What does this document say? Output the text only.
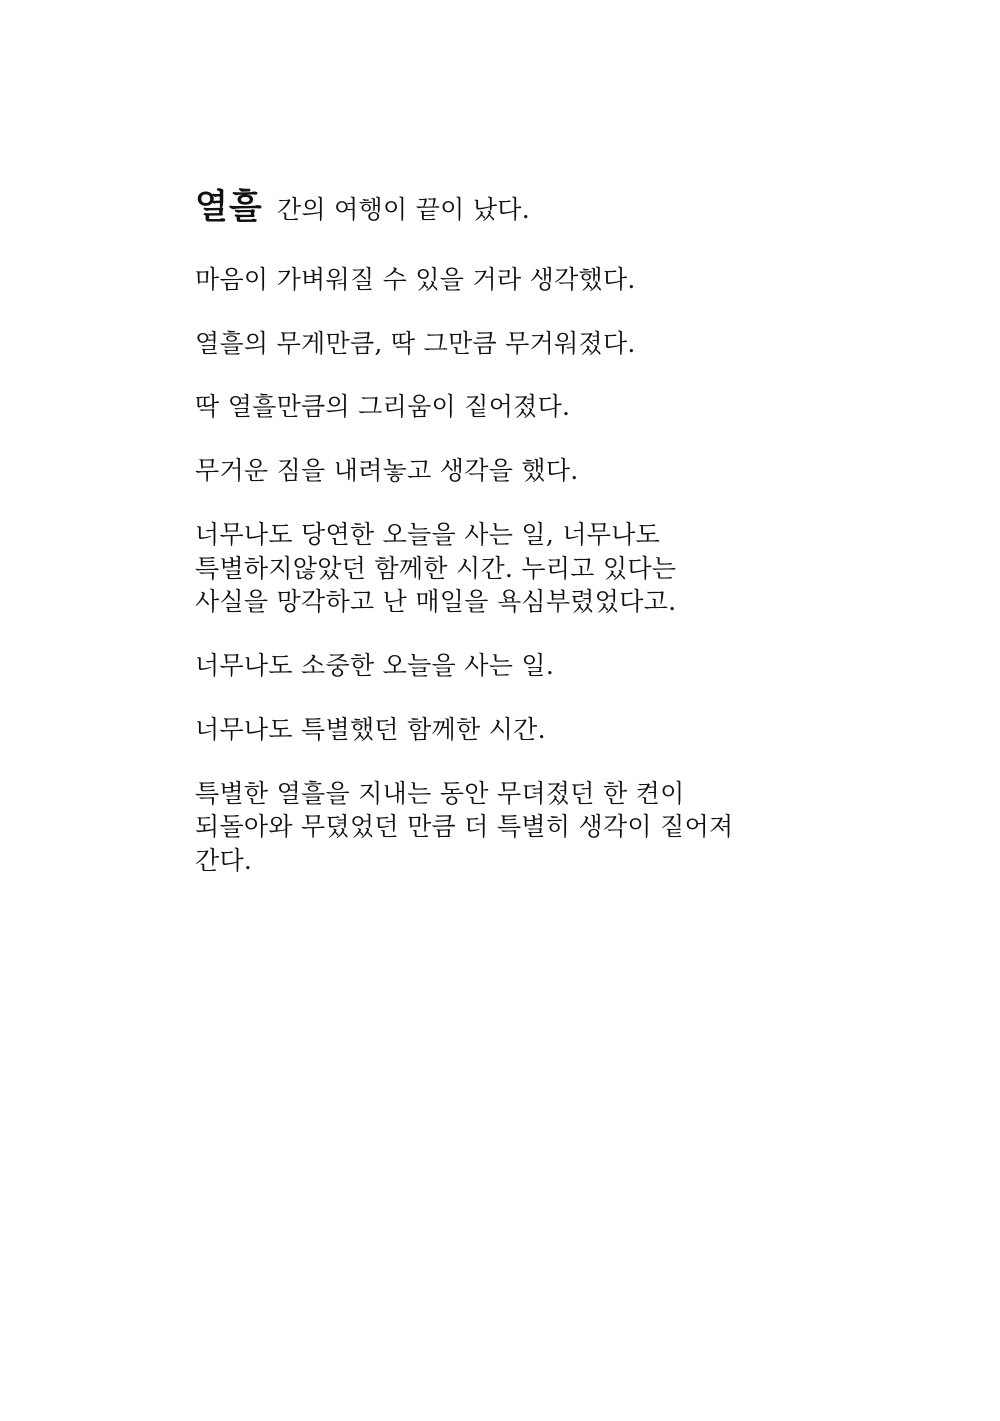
열흘 간의 여행이 끝이 났다.

마음이 가벼워질 수 있을 거라 생각했다.

열흘의 무게만큼, 딱 그만큼 무거워졌다.

딱 열흘만큼의 그리움이 짙어졌다.

무거운 짐을 내려놓고 생각을 했다.

너무나도 당연한 오늘을 사는 일, 너무나도 특별하지않았던 함께한 시간. 누리고 있다는 사실을 망각하고 난 매일을 욕심부렸었다고.

너무나도 소중한 오늘을 사는 일.

너무나도 특별했던 함께한 시간.

특별한 열흘을 지내는 동안 무뎌졌던 한 켠이 되돌아와 무뎠었던 만큼 더 특별히 생각이 짙어져 간다.
